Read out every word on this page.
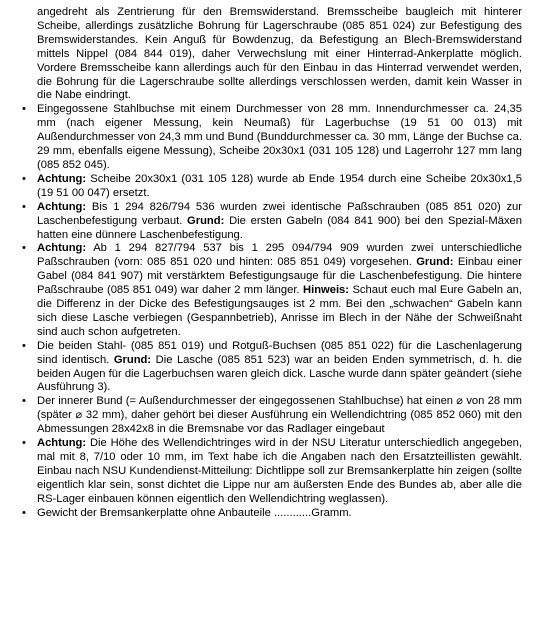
angedreht als Zentrierung für den Bremswiderstand. Bremsscheibe baugleich mit hinterer Scheibe, allerdings zusätzliche Bohrung für Lagerschraube (085 851 024) zur Befestigung des Bremswiderstandes. Kein Anguß für Bowdenzug, da Befestigung an Blech-Bremswiderstand mittels Nippel (084 844 019), daher Verwechslung mit einer Hinterrad-Ankerplatte möglich. Vordere Bremsscheibe kann allerdings auch für den Einbau in das Hinterrad verwendet werden, die Bohrung für die Lagerschraube sollte allerdings verschlossen werden, damit kein Wasser in die Nabe eindringt.
• Eingegossene Stahlbuchse mit einem Durchmesser von 28 mm. Innendurchmesser ca. 24,35 mm (nach eigener Messung, kein Neumaß) für Lagerbuchse (19 51 00 013) mit Außendurchmesser von 24,3 mm und Bund (Bunddurchmesser ca. 30 mm, Länge der Buchse ca. 29 mm, ebenfalls eigene Messung), Scheibe 20x30x1 (031 105 128) und Lagerrohr 127 mm lang (085 852 045).
• Achtung: Scheibe 20x30x1 (031 105 128) wurde ab Ende 1954 durch eine Scheibe 20x30x1,5 (19 51 00 047) ersetzt.
• Achtung: Bis 1 294 826/794 536 wurden zwei identische Paßschrauben (085 851 020) zur Laschenbefestigung verbaut. Grund: Die ersten Gabeln (084 841 900) bei den Spezial-Mäxen hatten eine dünnere Laschenbefestigung.
• Achtung: Ab 1 294 827/794 537 bis 1 295 094/794 909 wurden zwei unterschiedliche Paßschrauben (vorn: 085 851 020 und hinten: 085 851 049) vorgesehen. Grund: Einbau einer Gabel (084 841 907) mit verstärktem Befestigungsauge für die Laschenbefestigung. Die hintere Paßschraube (085 851 049) war daher 2 mm länger. Hinweis: Schaut euch mal Eure Gabeln an, die Differenz in der Dicke des Befestigungsauges ist 2 mm. Bei den „schwachen“ Gabeln kann sich diese Lasche verbiegen (Gespannbetrieb), Anrisse im Blech in der Nähe der Schweißnaht sind auch schon aufgetreten.
• Die beiden Stahl- (085 851 019) und Rotguß-Buchsen (085 851 022) für die Laschenlagerung sind identisch. Grund: Die Lasche (085 851 523) war an beiden Enden symmetrisch, d. h. die beiden Augen für die Lagerbuchsen waren gleich dick. Lasche wurde dann später geändert (siehe Ausführung 3).
• Der innerer Bund (= Außendurchmesser der eingegossenen Stahlbuchse) hat einen ⌀ von 28 mm (später ⌀ 32 mm), daher gehört bei dieser Ausführung ein Wellendichtring (085 852 060) mit den Abmessungen 28x42x8 in die Bremsnabe vor das Radlager eingebaut
• Achtung: Die Höhe des Wellendichtringes wird in der NSU Literatur unterschiedlich angegeben, mal mit 8, 7/10 oder 10 mm, im Text habe ich die Angaben nach den Ersatzteillisten gewählt. Einbau nach NSU Kundendienst-Mitteilung: Dichtlippe soll zur Bremsankerplatte hin zeigen (sollte eigentlich klar sein, sonst dichtet die Lippe nur am äußersten Ende des Bundes ab, aber alle die RS-Lager einbauen können eigentlich den Wellendichtring weglassen).
• Gewicht der Bremsankerplatte ohne Anbauteile ............Gramm.
